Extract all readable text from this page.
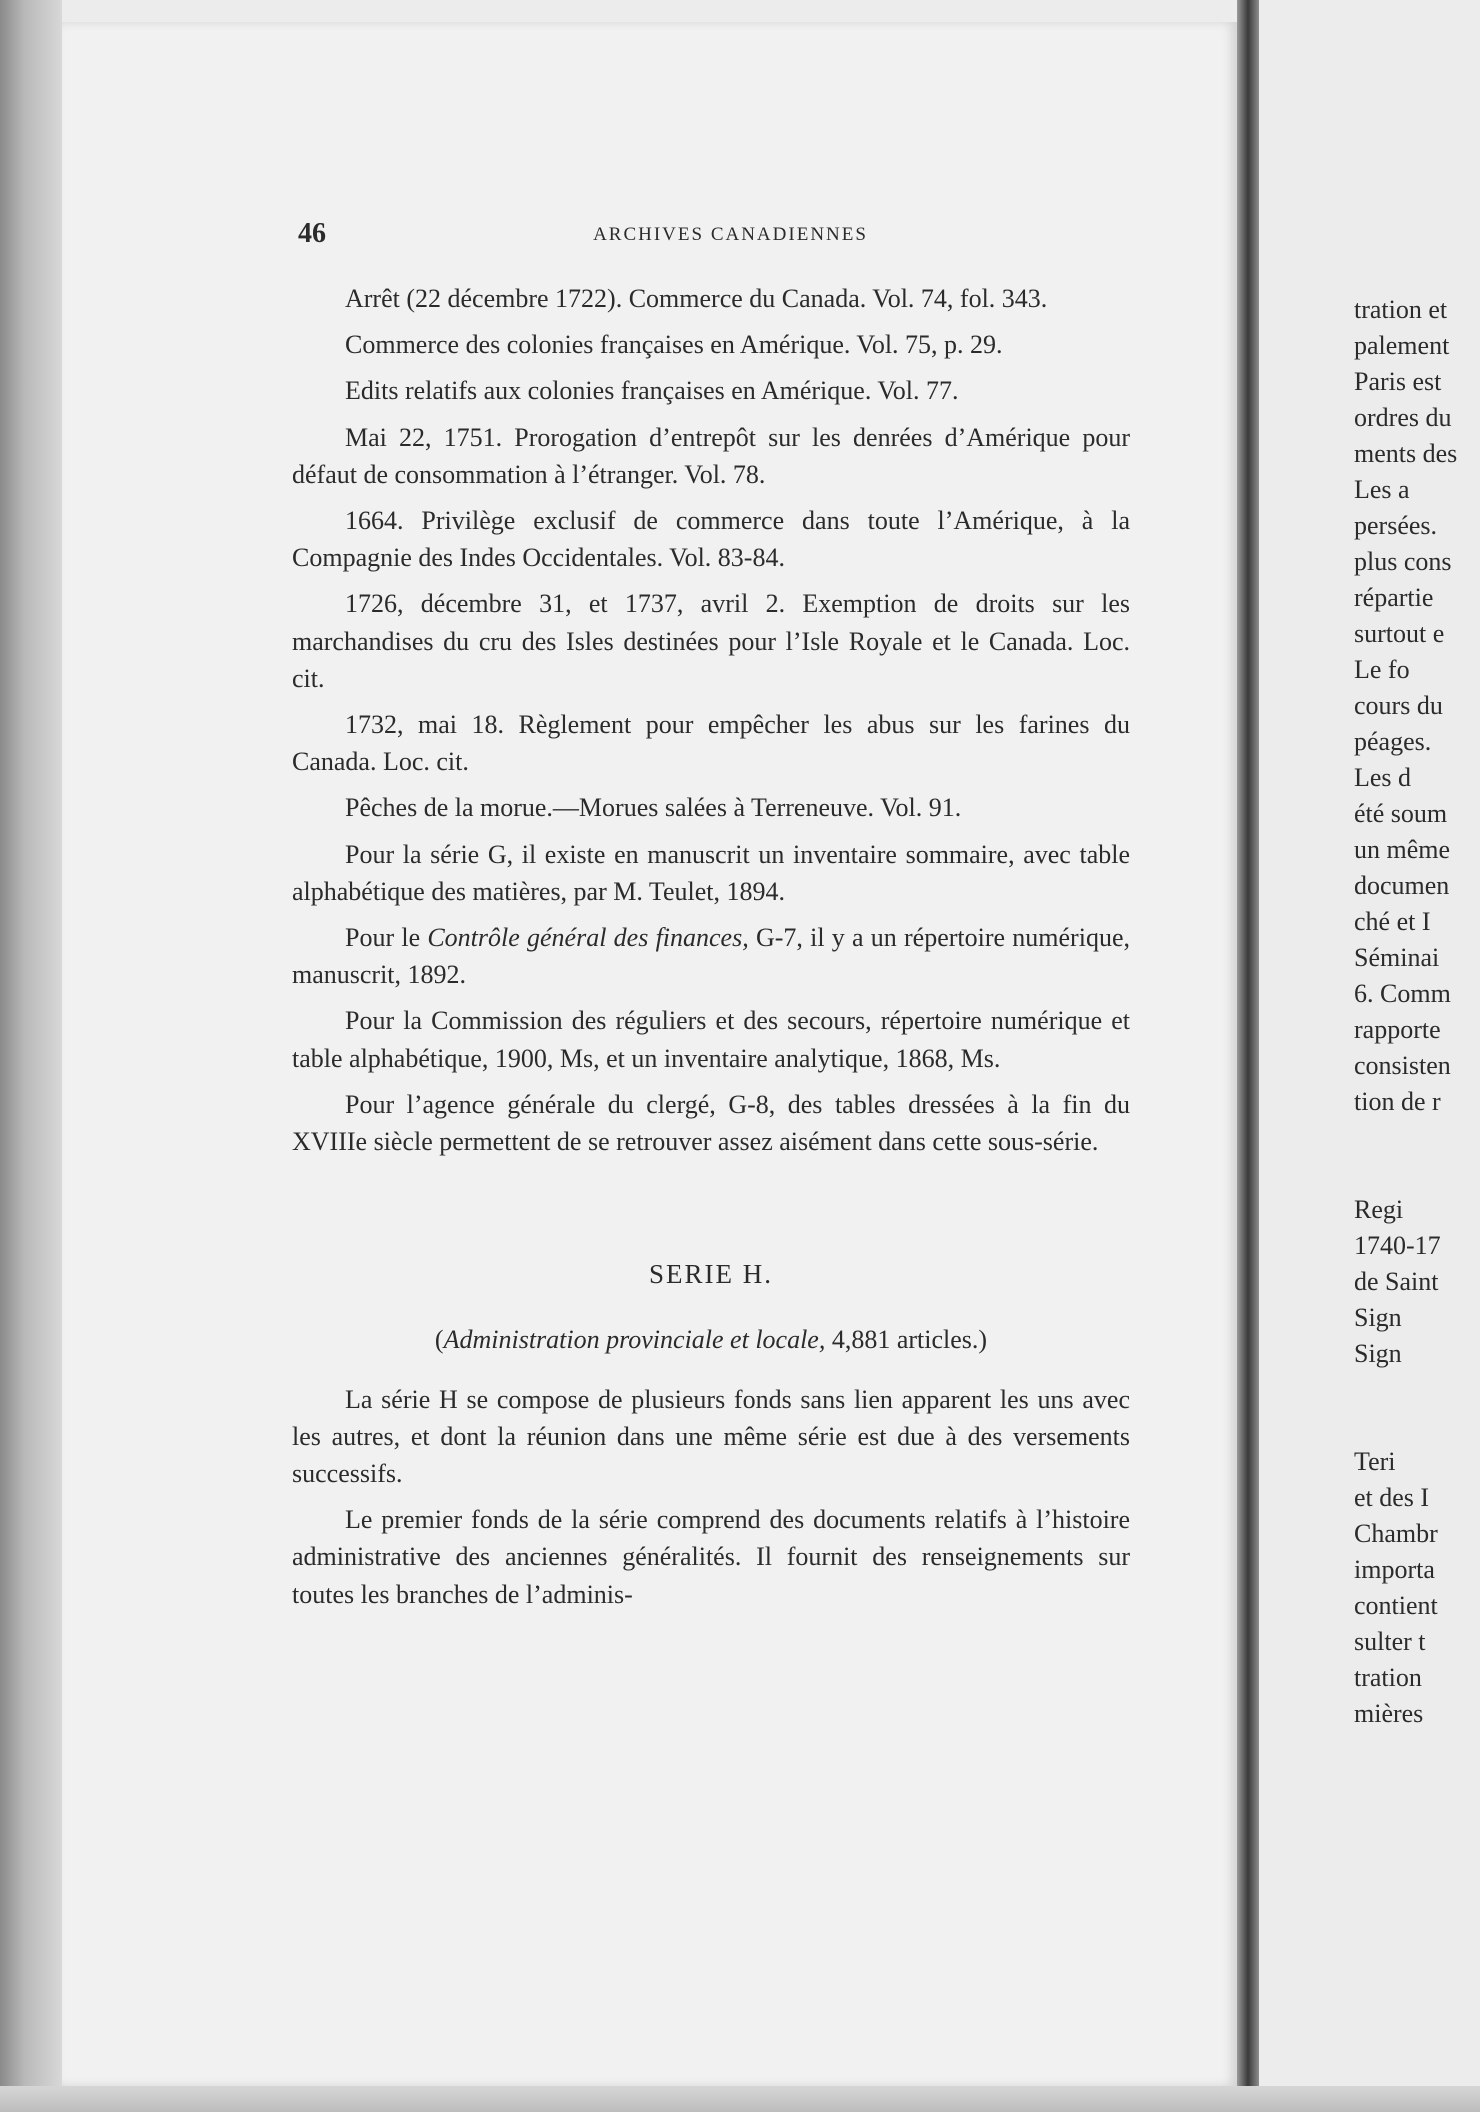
46	ARCHIVES CANADIENNES

Arrêt (22 décembre 1722). Commerce du Canada. Vol. 74, fol. 343.

Commerce des colonies françaises en Amérique. Vol. 75, p. 29.

Edits relatifs aux colonies françaises en Amérique. Vol. 77.

Mai 22, 1751. Prorogation d’entrepôt sur les denrées d’Amérique pour défaut de consommation à l’étranger. Vol. 78.

1664. Privilège exclusif de commerce dans toute l’Amérique, à la Compagnie des Indes Occidentales. Vol. 83-84.

1726, décembre 31, et 1737, avril 2. Exemption de droits sur les marchandises du cru des Isles destinées pour l’Isle Royale et le Canada. Loc. cit.

1732, mai 18. Règlement pour empêcher les abus sur les farines du Canada. Loc. cit.

Pêches de la morue.—Morues salées à Terreneuve. Vol. 91.

Pour la série G, il existe en manuscrit un inventaire sommaire, avec table alphabétique des matières, par M. Teulet, 1894.

Pour le Contrôle général des finances, G-7, il y a un répertoire numérique, manuscrit, 1892.

Pour la Commission des réguliers et des secours, répertoire numérique et table alphabétique, 1900, Ms, et un inventaire analytique, 1868, Ms.

Pour l’agence générale du clergé, G-8, des tables dressées à la fin du XVIIIe siècle permettent de se retrouver assez aisément dans cette sous-série.

SERIE H.

(Administration provinciale et locale, 4,881 articles.)

La série H se compose de plusieurs fonds sans lien apparent les uns avec les autres, et dont la réunion dans une même série est due à des versements successifs.

Le premier fonds de la série comprend des documents relatifs à l’histoire administrative des anciennes généralités. Il fournit des renseignements sur toutes les branches de l’adminis-

tration et
palement
Paris est
ordres du
ments des
Les a
persées.
plus cons
répartie
surtout e
Le fo
cours du
péages.
Les d
été soum
un même
documen
ché et I
Séminai
6. Comm
rapporte
consisten
tion de r
Regi
1740-17
de Saint
Sign
Sign
Teri
et des I
Chambr
importa
contient
sulter t
tration
mières
